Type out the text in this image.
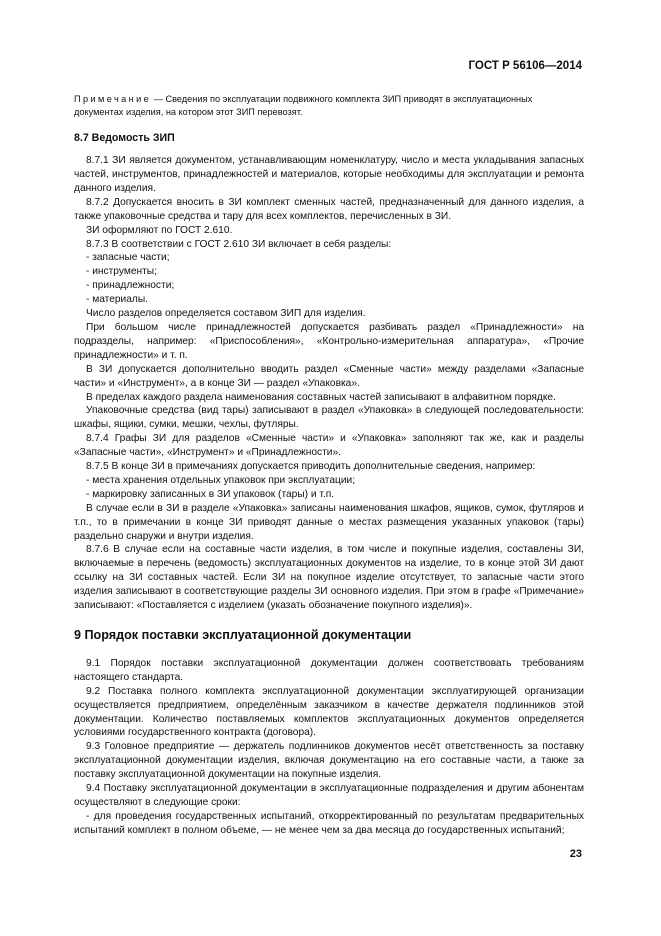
ГОСТ Р 56106—2014
Примечание — Сведения по эксплуатации подвижного комплекта ЗИП приводят в эксплуатационных документах изделия, на котором этот ЗИП перевозят.
8.7 Ведомость ЗИП

8.7.1 ЗИ является документом, устанавливающим номенклатуру, число и места укладывания запасных частей, инструментов, принадлежностей и материалов, которые необходимы для эксплуатации и ремонта данного изделия.

8.7.2 Допускается вносить в ЗИ комплект сменных частей, предназначенный для данного изделия, а также упаковочные средства и тару для всех комплектов, перечисленных в ЗИ.

ЗИ оформляют по ГОСТ 2.610.

8.7.3 В соответствии с ГОСТ 2.610 ЗИ включает в себя разделы:

- запасные части;

- инструменты;

- принадлежности;

- материалы.

Число разделов определяется составом ЗИП для изделия.

При большом числе принадлежностей допускается разбивать раздел «Принадлежности» на подразделы, например: «Приспособления», «Контрольно-измерительная аппаратура», «Прочие принадлежности» и т. п.

В ЗИ допускается дополнительно вводить раздел «Сменные части» между разделами «Запасные части» и «Инструмент», а в конце ЗИ — раздел «Упаковка».

В пределах каждого раздела наименования составных частей записывают в алфавитном порядке.

Упаковочные средства (вид тары) записывают в раздел «Упаковка» в следующей последовательности: шкафы, ящики, сумки, мешки, чехлы, футляры.

8.7.4 Графы ЗИ для разделов «Сменные части» и «Упаковка» заполняют так же, как и разделы «Запасные части», «Инструмент» и «Принадлежности».

8.7.5 В конце ЗИ в примечаниях допускается приводить дополнительные сведения, например:

- места хранения отдельных упаковок при эксплуатации;

- маркировку записанных в ЗИ упаковок (тары) и т.п.

В случае если в ЗИ в разделе «Упаковка» записаны наименования шкафов, ящиков, сумок, футляров и т.п., то в примечании в конце ЗИ приводят данные о местах размещения указанных упаковок (тары) раздельно снаружи и внутри изделия.

8.7.6 В случае если на составные части изделия, в том числе и покупные изделия, составлены ЗИ, включаемые в перечень (ведомость) эксплуатационных документов на изделие, то в конце этой ЗИ дают ссылку на ЗИ составных частей. Если ЗИ на покупное изделие отсутствует, то запасные части этого изделия записывают в соответствующие разделы ЗИ основного изделия. При этом в графе «Примечание» записывают: «Поставляется с изделием (указать обозначение покупного изделия)».

9 Порядок поставки эксплуатационной документации

9.1 Порядок поставки эксплуатационной документации должен соответствовать требованиям настоящего стандарта.

9.2 Поставка полного комплекта эксплуатационной документации эксплуатирующей организации осуществляется предприятием, определённым заказчиком в качестве держателя подлинников этой документации. Количество поставляемых комплектов эксплуатационных документов определяется условиями государственного контракта (договора).

9.3 Головное предприятие — держатель подлинников документов несёт ответственность за поставку эксплуатационной документации изделия, включая документацию на его составные части, а также за поставку эксплуатационной документации на покупные изделия.

9.4 Поставку эксплуатационной документации в эксплуатационные подразделения и другим абонентам осуществляют в следующие сроки:

- для проведения государственных испытаний, откорректированный по результатам предварительных испытаний комплект в полном объеме, — не менее чем за два месяца до государственных испытаний;

23
